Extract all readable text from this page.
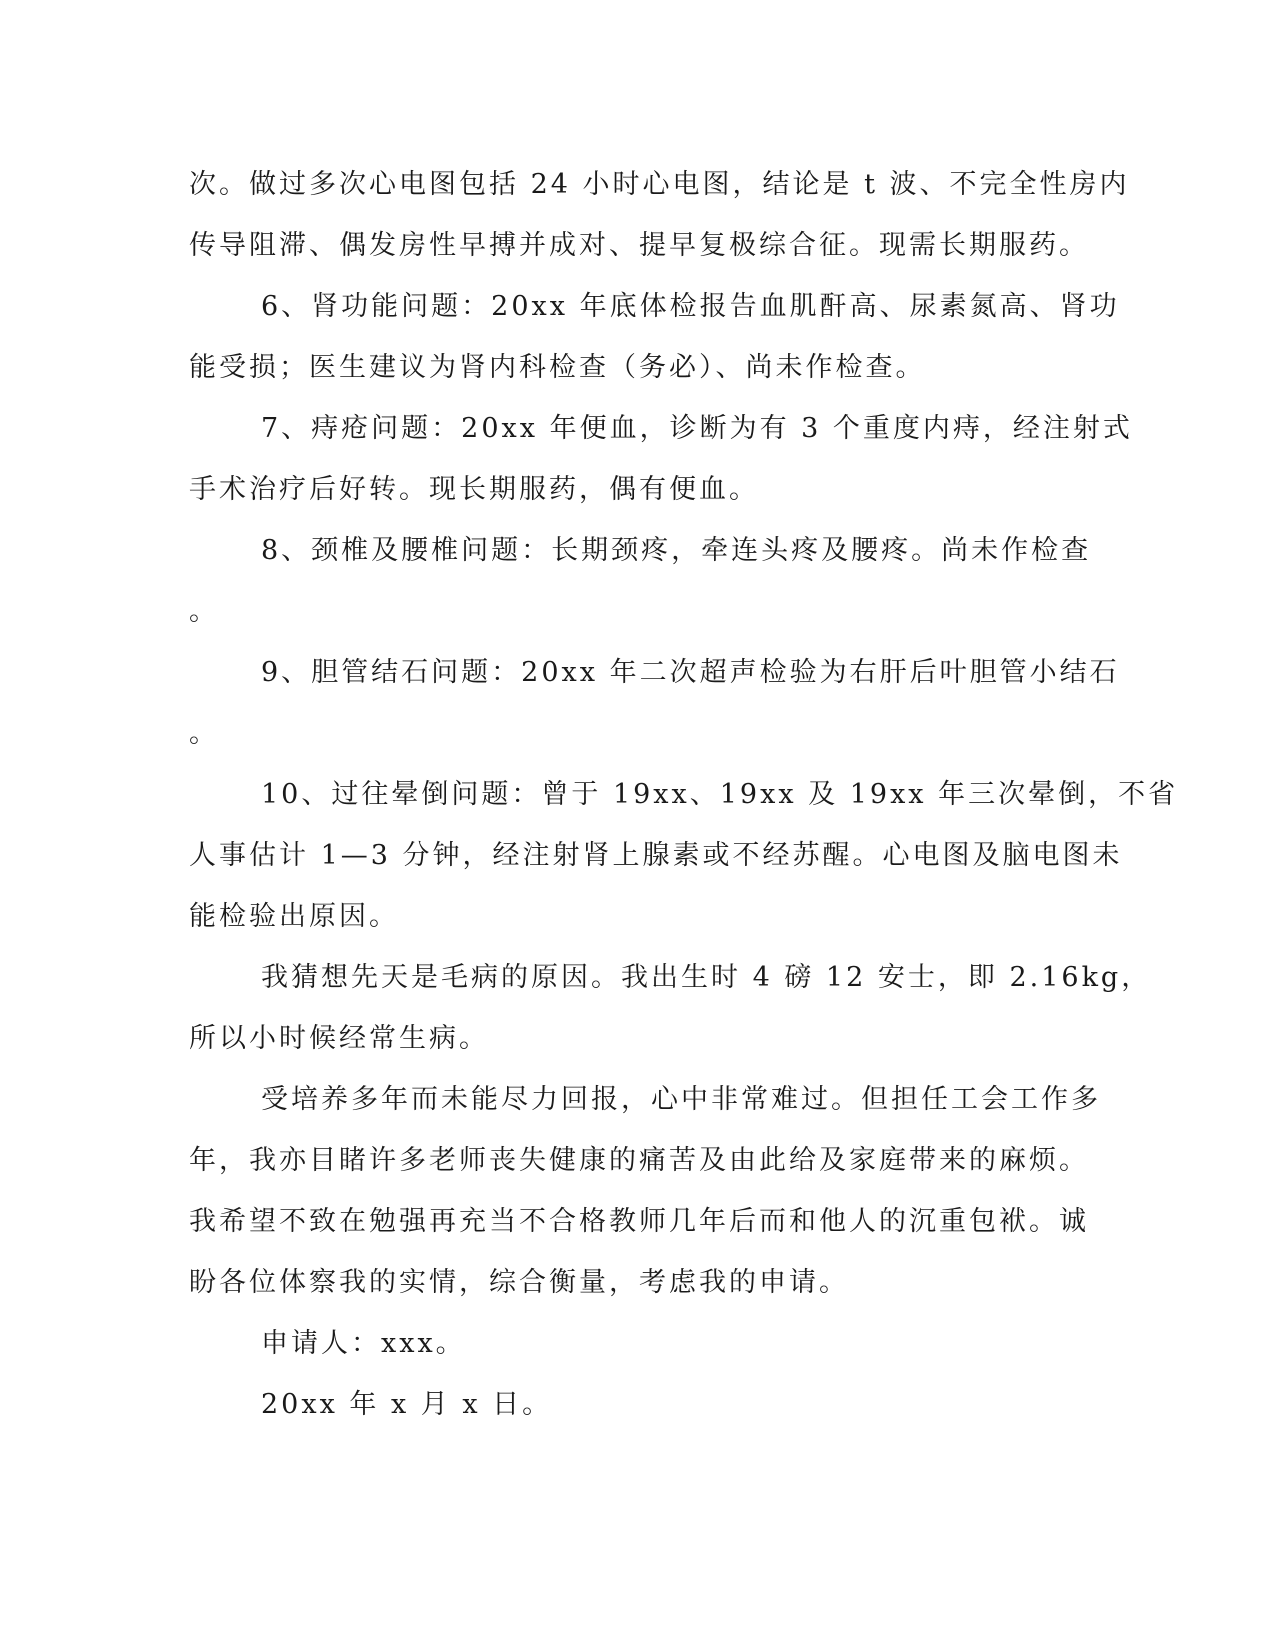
次。做过多次心电图包括 24 小时心电图，结论是 t 波、不完全性房内
传导阻滞、偶发房性早搏并成对、提早复极综合征。现需长期服药。
6、肾功能问题：20xx 年底体检报告血肌酐高、尿素氮高、肾功
能受损；医生建议为肾内科检查（务必）、尚未作检查。
7、痔疮问题：20xx 年便血，诊断为有 3 个重度内痔，经注射式
手术治疗后好转。现长期服药，偶有便血。
8、颈椎及腰椎问题：长期颈疼，牵连头疼及腰疼。尚未作检查
。
9、胆管结石问题：20xx 年二次超声检验为右肝后叶胆管小结石
。
10、过往晕倒问题：曾于 19xx、19xx 及 19xx 年三次晕倒，不省
人事估计 1—3 分钟，经注射肾上腺素或不经苏醒。心电图及脑电图未
能检验出原因。
我猜想先天是毛病的原因。我出生时 4 磅 12 安士，即 2.16kg，
所以小时候经常生病。
受培养多年而未能尽力回报，心中非常难过。但担任工会工作多
年，我亦目睹许多老师丧失健康的痛苦及由此给及家庭带来的麻烦。
我希望不致在勉强再充当不合格教师几年后而和他人的沉重包袱。诚
盼各位体察我的实情，综合衡量，考虑我的申请。
申请人：xxx。
20xx 年 x 月 x 日。
